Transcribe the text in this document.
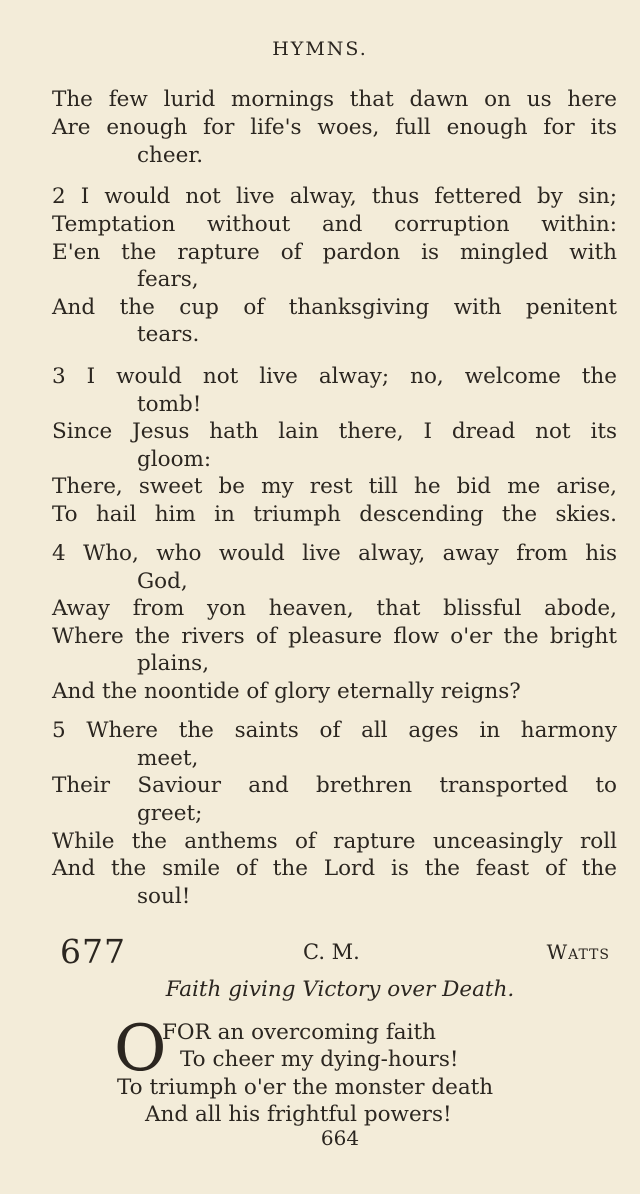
HYMNS.
The few lurid mornings that dawn on us here
Are enough for life's woes, full enough for its
cheer.
2 I would not live alway, thus fettered by sin;
Temptation without and corruption within:
E'en the rapture of pardon is mingled with
fears,
And the cup of thanksgiving with penitent
tears.
3 I would not live alway; no, welcome the
tomb!
Since Jesus hath lain there, I dread not its
gloom:
There, sweet be my rest till he bid me arise,
To hail him in triumph descending the skies.
4 Who, who would live alway, away from his
God,
Away from yon heaven, that blissful abode,
Where the rivers of pleasure flow o'er the bright
plains,
And the noontide of glory eternally reigns?
5 Where the saints of all ages in harmony
meet,
Their Saviour and brethren transported to
greet;
While the anthems of rapture unceasingly roll
And the smile of the Lord is the feast of the
soul!
677	C. M.	Watts
Faith giving Victory over Death.
O
FOR an overcoming faith
To cheer my dying-hours!
To triumph o'er the monster death
And all his frightful powers!
664
